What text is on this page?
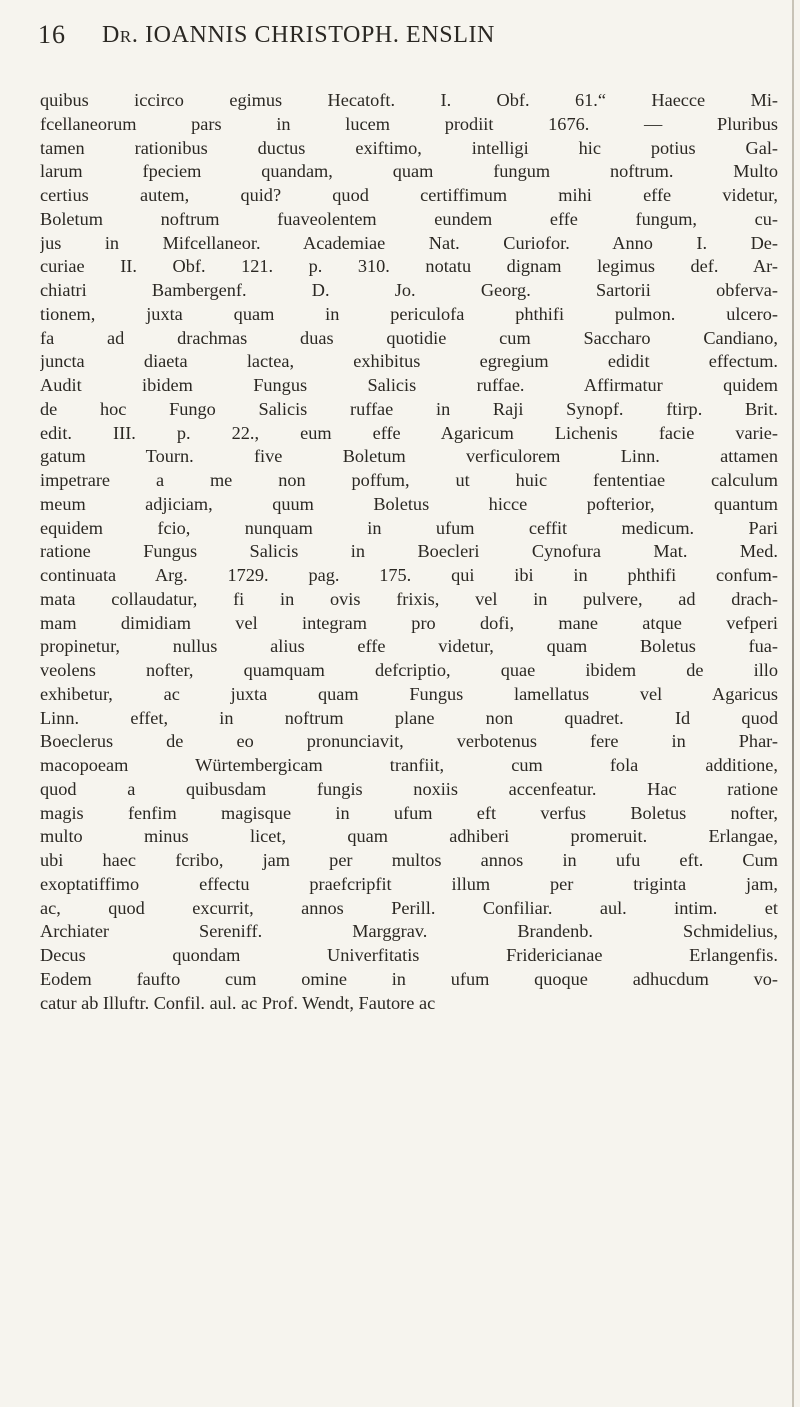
16 Dr. IOANNIS CHRISTOPH. ENSLIN
quibus iccirco egimus Hecatoft. I. Obf. 61.“ Haecce Mi-
fcellaneorum pars in lucem prodiit 1676. — Pluribus
tamen rationibus ductus exiftimo, intelligi hic potius Gal-
larum fpeciem quandam, quam fungum noftrum. Multo
certius autem, quid? quod certiffimum mihi effe videtur,
Boletum noftrum fuaveolentem eundem effe fungum, cu-
jus in Mifcellaneor. Academiae Nat. Curiofor. Anno I. De-
curiae II. Obf. 121. p. 310. notatu dignam legimus def. Ar-
chiatri Bambergenf. D. Jo. Georg. Sartorii obferva-
tionem, juxta quam in periculofa phthifi pulmon. ulcero-
fa ad drachmas duas quotidie cum Saccharo Candiano,
juncta diaeta lactea, exhibitus egregium edidit effectum.
Audit ibidem Fungus Salicis ruffae. Affirmatur quidem
de hoc Fungo Salicis ruffae in Raji Synopf. ftirp. Brit.
edit. III. p. 22., eum effe Agaricum Lichenis facie varie-
gatum Tourn. five Boletum verficulorem Linn. attamen
impetrare a me non poffum, ut huic fententiae calculum
meum adjiciam, quum Boletus hicce pofterior, quantum
equidem fcio, nunquam in ufum ceffit medicum. Pari
ratione Fungus Salicis in Boecleri Cynofura Mat. Med.
continuata Arg. 1729. pag. 175. qui ibi in phthifi confum-
mata collaudatur, fi in ovis frixis, vel in pulvere, ad drach-
mam dimidiam vel integram pro dofi, mane atque vefperi
propinetur, nullus alius effe videtur, quam Boletus fua-
veolens nofter, quamquam defcriptio, quae ibidem de illo
exhibetur, ac juxta quam Fungus lamellatus vel Agaricus
Linn. effet, in noftrum plane non quadret. Id quod
Boeclerus de eo pronunciavit, verbotenus fere in Phar-
macopoeam Würtembergicam tranfiit, cum fola additione,
quod a quibusdam fungis noxiis accenfeatur. Hac ratione
magis fenfim magisque in ufum eft verfus Boletus nofter,
multo minus licet, quam adhiberi promeruit. Erlangae,
ubi haec fcribo, jam per multos annos in ufu eft. Cum
exoptatiffimo effectu praefcripfit illum per triginta jam,
ac, quod excurrit, annos Perill. Confiliar. aul. intim. et
Archiater Sereniff. Marggrav. Brandenb. Schmidelius,
Decus quondam Univerfitatis Fridericianae Erlangenfis.
Eodem faufto cum omine in ufum quoque adhucdum vo-
catur ab Illuftr. Confil. aul. ac Prof. Wendt, Fautore ac
